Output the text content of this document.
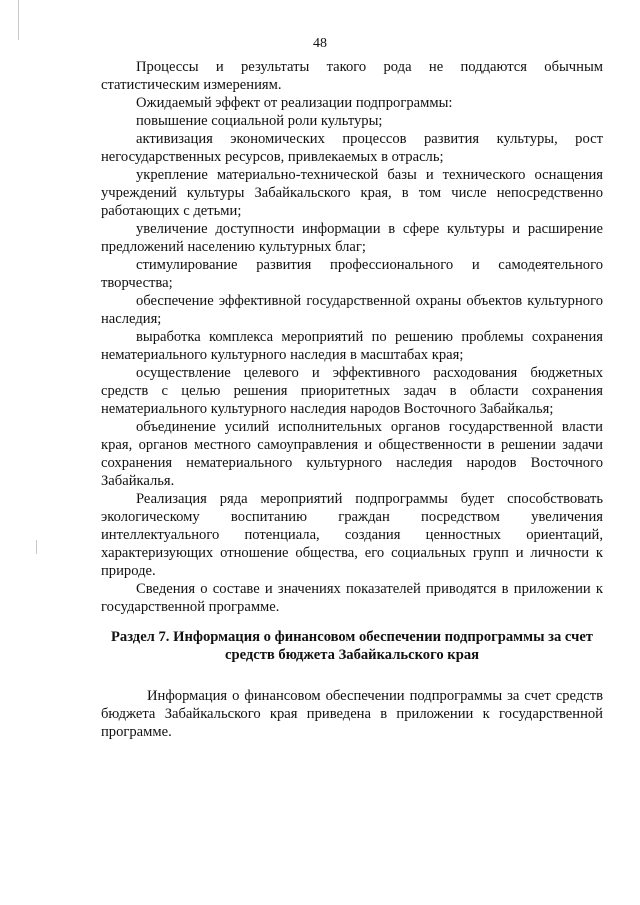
48

Процессы и результаты такого рода не поддаются обычным статистическим измерениям.

Ожидаемый эффект от реализации подпрограммы:

повышение социальной роли культуры;

активизация экономических процессов развития культуры, рост негосударственных ресурсов, привлекаемых в отрасль;

укрепление материально-технической базы и технического оснащения учреждений культуры Забайкальского края, в том числе непосредственно работающих с детьми;

увеличение доступности информации в сфере культуры и расширение предложений населению культурных благ;

стимулирование развития профессионального и самодеятельного творчества;

обеспечение эффективной государственной охраны объектов культурного наследия;

выработка комплекса мероприятий по решению проблемы сохранения нематериального культурного наследия в масштабах края;

осуществление целевого и эффективного расходования бюджетных средств с целью решения приоритетных задач в области сохранения нематериального культурного наследия народов Восточного Забайкалья;

объединение усилий исполнительных органов государственной власти края, органов местного самоуправления и общественности в решении задачи сохранения нематериального культурного наследия народов Восточного Забайкалья.

Реализация ряда мероприятий подпрограммы будет способствовать экологическому воспитанию граждан посредством увеличения интеллектуального потенциала, создания ценностных ориентаций, характеризующих отношение общества, его социальных групп и личности к природе.

Сведения о составе и значениях показателей приводятся в приложении к государственной программе.

Раздел 7. Информация о финансовом обеспечении подпрограммы за счет средств бюджета Забайкальского края

Информация о финансовом обеспечении подпрограммы за счет средств бюджета Забайкальского края приведена в приложении к государственной программе.
